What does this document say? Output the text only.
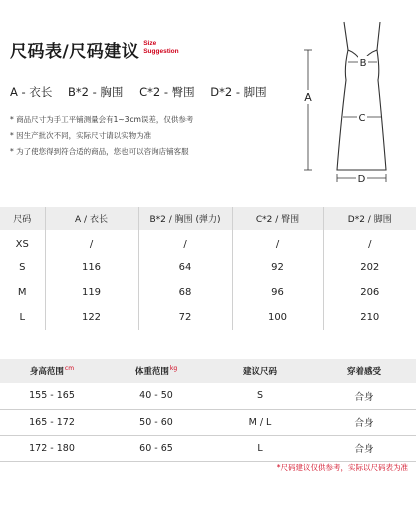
尺码表/尺码建议 Size
Suggestion
A - 衣长 B*2 - 胸围 C*2 - 臀围 D*2 - 脚围
* 商品尺寸为手工平铺测量会有1~3cm误差，仅供参考
* 因生产批次不同，实际尺寸请以实物为准
* 为了使您得到符合适的商品，您也可以咨询店铺客服
A
B
C
D
尺码	A / 衣长	B*2 / 胸围 (弹力)	C*2 / 臀围	D*2 / 脚围
XS	/	/	/	/
S	116	64	92	202
M	119	68	96	206
L	122	72	100	210
身高范围$^{cm}$	体重范围$^{kg}$	建议尺码	穿着感受
155 - 165	40 - 50	S	合身
165 - 172	50 - 60	M / L	合身
172 - 180	60 - 65	L	合身
*尺码建议仅供参考，实际以尺码表为准
